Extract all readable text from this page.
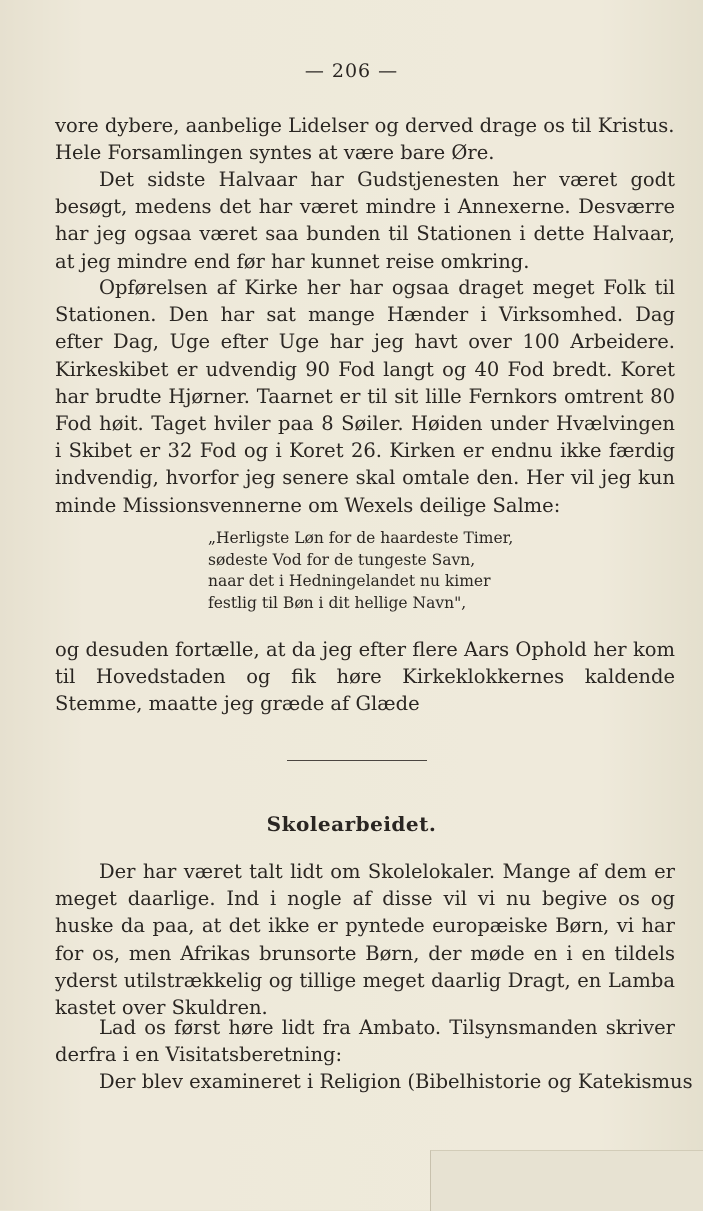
— 206 —

vore dybere, aanbelige Lidelser og derved drage os til Kristus.

Hele Forsamlingen syntes at være bare Øre.

Det sidste Halvaar har Gudstjenesten her været godt besøgt, medens det har været mindre i Annexerne. Desværre har jeg ogsaa været saa bunden til Stationen i dette Halvaar, at jeg mindre end før har kunnet reise omkring.

Opførelsen af Kirke her har ogsaa draget meget Folk til Stationen. Den har sat mange Hænder i Virksomhed. Dag efter Dag, Uge efter Uge har jeg havt over 100 Arbeidere. Kirkeskibet er udvendig 90 Fod langt og 40 Fod bredt. Koret har brudte Hjørner. Taarnet er til sit lille Fernkors omtrent 80 Fod høit. Taget hviler paa 8 Søiler. Høiden under Hvælvingen i Skibet er 32 Fod og i Koret 26. Kirken er endnu ikke færdig indvendig, hvorfor jeg senere skal omtale den. Her vil jeg kun minde Missionsvennerne om Wexels deilige Salme:

„Herligste Løn for de haardeste Timer,
sødeste Vod for de tungeste Savn,
naar det i Hedningelandet nu kimer
festlig til Bøn i dit hellige Navn",

og desuden fortælle, at da jeg efter flere Aars Ophold her kom til Hovedstaden og fik høre Kirkeklokkernes kaldende Stemme, maatte jeg græde af Glæde

Skolearbeidet.

Der har været talt lidt om Skolelokaler. Mange af dem er meget daarlige. Ind i nogle af disse vil vi nu begive os og huske da paa, at det ikke er pyntede europæiske Børn, vi har for os, men Afrikas brunsorte Børn, der møde en i en tildels yderst utilstrækkelig og tillige meget daarlig Dragt, en Lamba kastet over Skuldren.

Lad os først høre lidt fra Ambato. Tilsynsmanden skriver derfra i en Visitatsberetning:

Der blev examineret i Religion (Bibelhistorie og Katekismus
